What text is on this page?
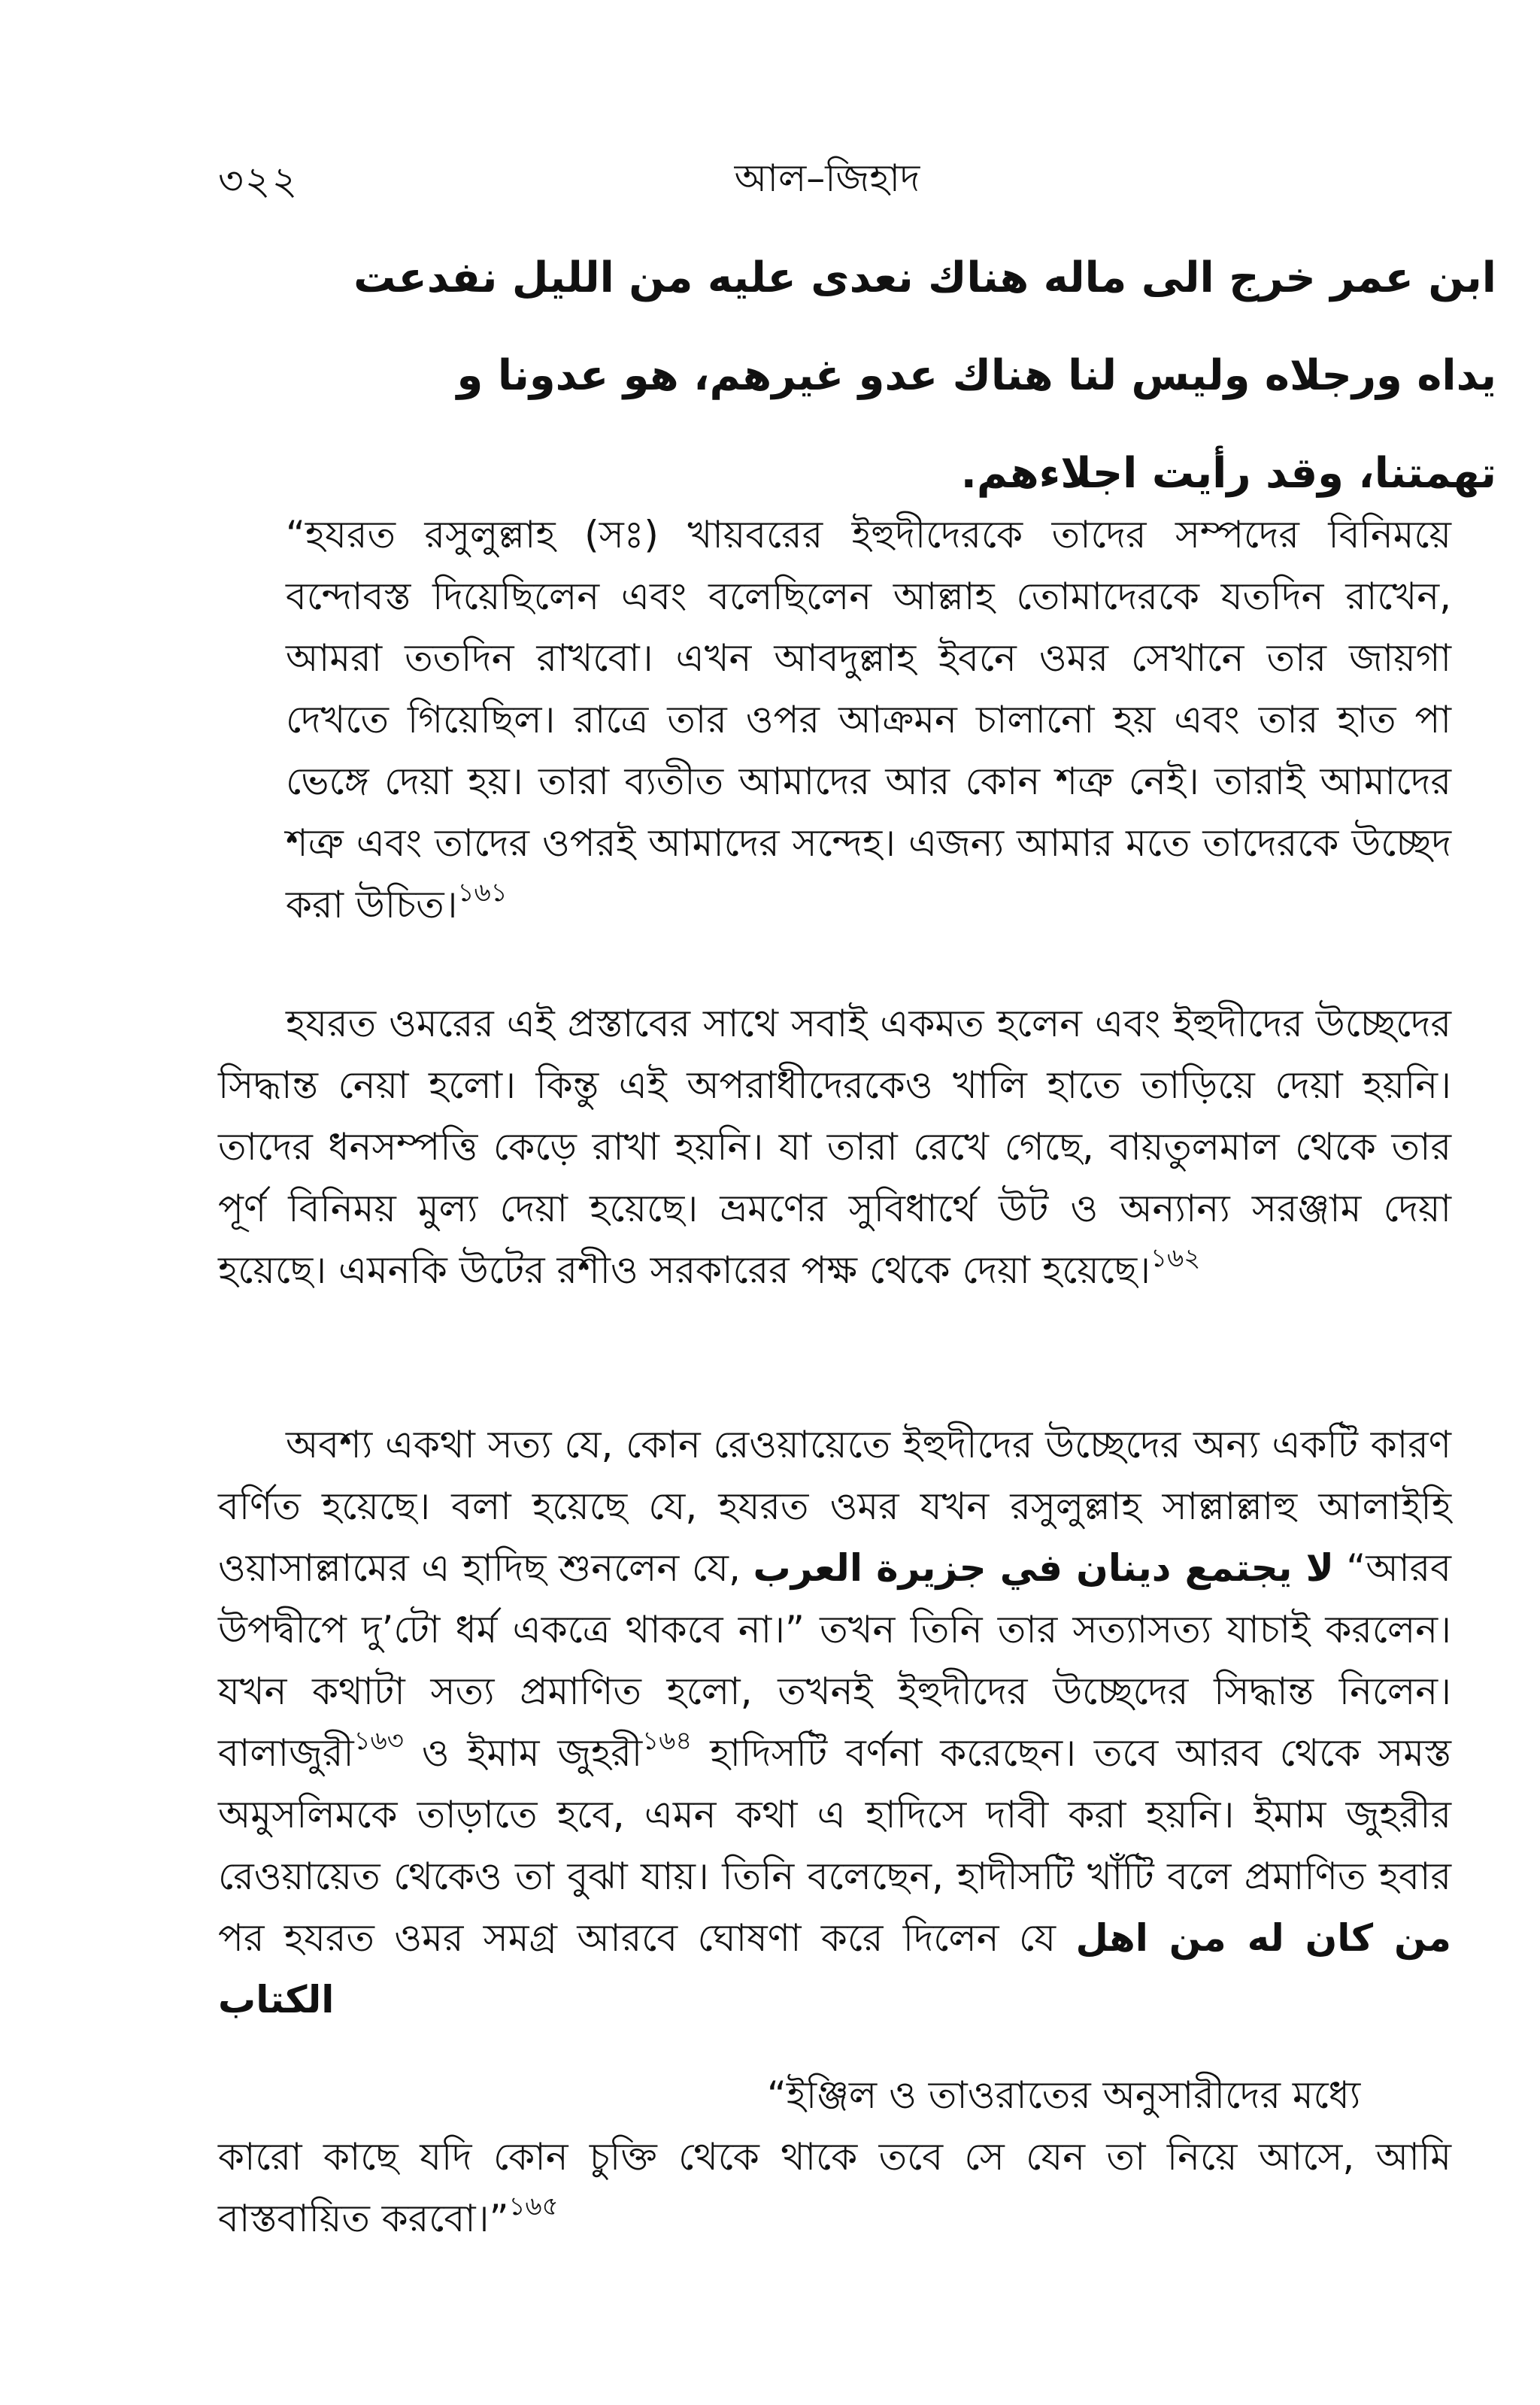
৩২২	আল–জিহাদ
ابن عمر خرج الى ماله هناك نعدى عليه من الليل نفدعت
يداه ورجلاه وليس لنا هناك عدو غيرهم، هو عدونا و
تهمتنا، وقد رأيت اجلاءهم.

“হযরত রসুলুল্লাহ (সঃ) খায়বরের ইহুদীদেরকে তাদের সম্পদের বিনিময়ে বন্দোবস্ত দিয়েছিলেন এবং বলেছিলেন আল্লাহ তোমাদেরকে যতদিন রাখেন, আমরা ততদিন রাখবো। এখন আবদুল্লাহ ইবনে ওমর সেখানে তার জায়গা দেখতে গিয়েছিল। রাত্রে তার ওপর আক্রমন চালানো হয় এবং তার হাত পা ভেঙ্গে দেয়া হয়। তারা ব্যতীত আমাদের আর কোন শত্রু নেই। তারাই আমাদের শত্রু এবং তাদের ওপরই আমাদের সন্দেহ। এজন্য আমার মতে তাদেরকে উচ্ছেদ করা উচিত।$^{১৬১}$

হযরত ওমরের এই প্রস্তাবের সাথে সবাই একমত হলেন এবং ইহুদীদের উচ্ছেদের সিদ্ধান্ত নেয়া হলো। কিন্তু এই অপরাধীদেরকেও খালি হাতে তাড়িয়ে দেয়া হয়নি। তাদের ধনসম্পত্তি কেড়ে রাখা হয়নি। যা তারা রেখে গেছে, বায়তুলমাল থেকে তার পূর্ণ বিনিময় মুল্য দেয়া হয়েছে। ভ্রমণের সুবিধার্থে উট ও অন্যান্য সরঞ্জাম দেয়া হয়েছে। এমনকি উটের রশীও সরকারের পক্ষ থেকে দেয়া হয়েছে।$^{১৬২}$

অবশ্য একথা সত্য যে, কোন রেওয়ায়েতে ইহুদীদের উচ্ছেদের অন্য একটি কারণ বর্ণিত হয়েছে। বলা হয়েছে যে, হযরত ওমর যখন রসুলুল্লাহ সাল্লাল্লাহু আলাইহি ওয়াসাল্লামের এ হাদিছ শুনলেন যে, لا يجتمع دينان في جزيرة العرب “আরব উপদ্বীপে দু’টো ধর্ম একত্রে থাকবে না।” তখন তিনি তার সত্যাসত্য যাচাই করলেন। যখন কথাটা সত্য প্রমাণিত হলো, তখনই ইহুদীদের উচ্ছেদের সিদ্ধান্ত নিলেন। বালাজুরী$^{১৬৩}$ ও ইমাম জুহরী$^{১৬৪}$ হাদিসটি বর্ণনা করেছেন। তবে আরব থেকে সমস্ত অমুসলিমকে তাড়াতে হবে, এমন কথা এ হাদিসে দাবী করা হয়নি। ইমাম জুহরীর রেওয়ায়েত থেকেও তা বুঝা যায়। তিনি বলেছেন, হাদীসটি খাঁটি বলে প্রমাণিত হবার পর হযরত ওমর সমগ্র আরবে ঘোষণা করে দিলেন যে من كان له من اهل الكتاب

“ইঞ্জিল ও তাওরাতের অনুসারীদের মধ্যে

কারো কাছে যদি কোন চুক্তি থেকে থাকে তবে সে যেন তা নিয়ে আসে, আমি বাস্তবায়িত করবো।”$^{১৬৫}$
